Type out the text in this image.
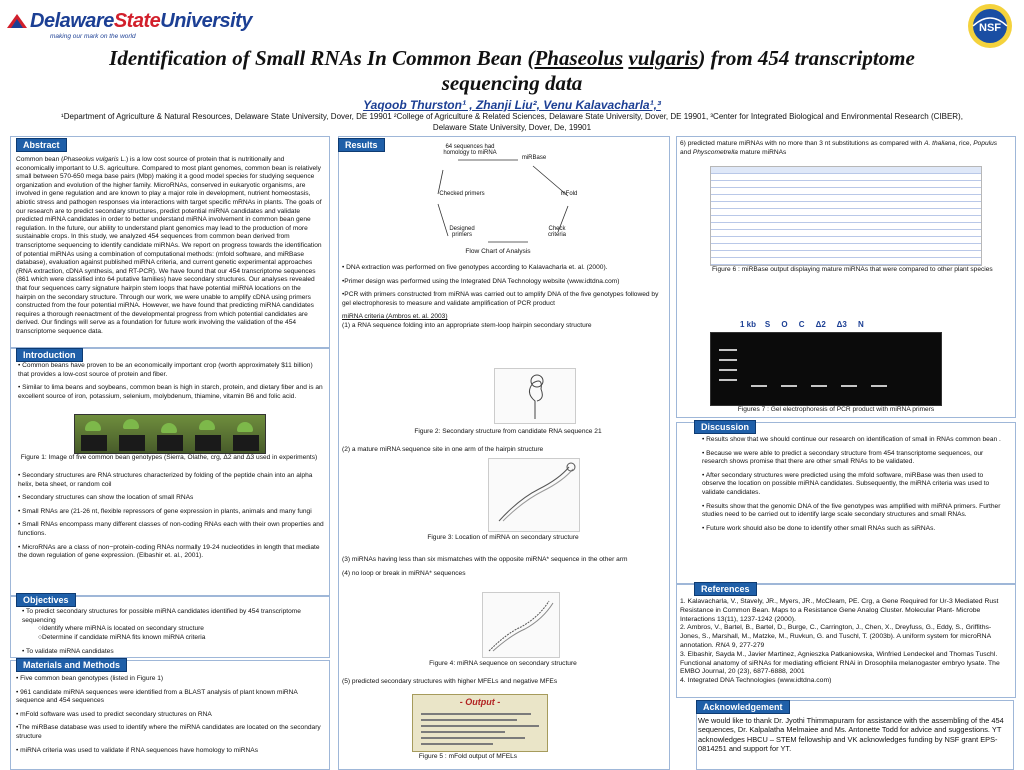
DelawareStateUniversity
making our mark on the world
NSF
Identification of Small RNAs In Common Bean (Phaseolus vulgaris) from 454 transcriptome sequencing data
Yaqoob Thurston¹ , Zhanji Liu², Venu Kalavacharla¹,³
¹Department of Agriculture & Natural Resources, Delaware State University, Dover, DE 19901 ²College of Agriculture & Related Sciences, Delaware State University, Dover, DE 19901, ³Center for Integrated Biological and Environmental Research (CIBER), Delaware State University, Dover, De, 19901
Abstract
Common bean (Phaseolus vulgaris L.) is a low cost source of protein that is nutritionally and economically important to U.S. agriculture. Compared to most plant genomes, common bean is relatively small between 570-650 mega base pairs (Mbp) making it a good model species for studying sequence organization and evolution of the higher family. MicroRNAs, conserved in eukaryotic organisms, are involved in gene regulation and are known to play a major role in development, nutrient homeostasis, abiotic stress and pathogen responses via interactions with target specific mRNAs in plants. The goals of our research are to predict secondary structures, predict potential miRNA candidates and validate predicted miRNA candidates in order to better understand miRNA involvement in common bean gene regulation. In the future, our ability to understand plant genomics may lead to the production of more sustainable crops. In this study, we analyzed 454 sequences from common bean derived from transcriptome sequencing to identify candidate miRNAs. We report on progress towards the identification of potential miRNAs using a combination of computational methods: (mfold software, and miRBase database), evaluation against published miRNA criteria, and current genetic experimental approaches (RNA extraction, cDNA synthesis, and RT-PCR). We have found that our 454 transcriptome sequences (861 which were classified into 64 putative families) have secondary structures. Our analyses revealed that four sequences carry signature hairpin stem loops that have potential miRNA locations on the hairpin on the secondary structure. Through our work, we were unable to amplify cDNA using primers constructed from the four potential miRNA. However, we have found that predicting miRNA candidates requires a thorough reenactment of the developmental progress from which potential candidates are derived. Our findings will serve as a foundation for future work involving the validation of the 454 transcriptome sequence data.
Introduction
• Common beans have proven to be an economically important crop (worth approximately $11 billion) that provides a low-cost source of protein and fiber.
• Similar to lima beans and soybeans, common bean is high in starch, protein, and dietary fiber and is an excellent source of iron, potassium, selenium, molybdenum, thiamine, vitamin B6 and folic acid.
Figure 1: Image of five common bean genotypes (Sierra, Olathe, crg, Δ2 and Δ3 used in experiments)
• Secondary structures are RNA structures characterized by folding of the peptide chain into an alpha helix, beta sheet, or random coil
• Secondary structures can show the location of small RNAs
• Small RNAs are (21-26 nt, flexible repressors of gene expression in plants, animals and many fungi
• Small RNAs encompass many different classes of non-coding RNAs each with their own properties and functions.
• MicroRNAs are a class of non−protein-coding RNAs normally 19-24 nucleotides in length that mediate the down regulation of gene expression. (Elbashir et. al., 2001).
Objectives
• To predict secondary structures for possible miRNA candidates identified by 454 transcriptome sequencing
○Identify where miRNA is located on secondary structure
○Determine if candidate miRNA fits known miRNA criteria
• To validate miRNA candidates
Materials and Methods
• Five common bean genotypes (listed in Figure 1)
• 961 candidate miRNA sequences were identified from a BLAST analysis of plant known miRNA sequence and 454 sequences
• mFold software was used to predict secondary structures on RNA
•The miRBase database was used to identify where the miRNA candidates are located on the secondary structure
• miRNA criteria was used to validate if RNA sequences have homology to miRNAs
Results	64 sequences had homology to miRNA
miRBase
Checked primers	mFold
Designed primers
Check criteria
Flow Chart of Analysis

• DNA extraction was performed on five genotypes according to Kalavacharla et. al. (2000).

•Primer design was performed using the Integrated DNA Technology website (www.idtdna.com)

•PCR with primers constructed from miRNA was carried out to amplify DNA of the five genotypes followed by gel electrophoresis to measure and validate amplification of PCR product

miRNA criteria (Ambros et. al. 2003)
(1) a RNA sequence folding into an appropriate stem-loop hairpin secondary structure
Figure 2: Secondary structure from candidate RNA sequence 21
(2) a mature miRNA sequence site in one arm of the hairpin structure
Figure 3: Location of miRNA on secondary structure

(3) miRNAs having less than six mismatches with the opposite miRNA* sequence in the other arm

(4) no loop or break in miRNA* sequences
Figure 4: miRNA sequence on secondary structure
(5) predicted secondary structures with higher MFELs and negative MFEs
- Output -
Figure 5 : mFold output of MFELs
6) predicted mature miRNAs with no more than 3 nt substitutions as compared with A. thaliana, rice, Populus and Physcometrella mature miRNAs
Figure 6 : miRBase output displaying mature miRNAs that were compared to other plant species
1 kb S O C Δ2 Δ3 N
Figures 7 : Gel electrophoresis of PCR product with miRNA primers
Discussion
• Results show that we should continue our research on identification of small in RNAs common bean .
• Because we were able to predict a secondary structure from 454 transcriptome sequences, our research shows promise that there are other small RNAs to be validated.
• After secondary structures were predicted using the mfold software, miRBase was then used to observe the location on possible miRNA candidates. Subsequently, the miRNA criteria was used to validate candidates.
• Results show that the genomic DNA of the five genotypes was amplified with miRNA primers. Further studies need to be carried out to identify large scale secondary structures and small RNAs.
• Future work should also be done to identify other small RNAs such as siRNAs.
References
1. Kalavacharla, V., Stavely, JR., Myers, JR., McCleam, PE. Crg, a Gene Required for Ur-3 Mediated Rust Resistance in Common Bean. Maps to a Resistance Gene Analog Cluster. Molecular Plant- Microbe Interactions 13(11), 1237-1242 (2000).
2. Ambros, V., Bartel, B., Bartel, D., Burge, C., Carrington, J., Chen, X., Dreyfuss, G., Eddy, S., Griffiths-Jones, S., Marshall, M., Matzke, M., Ruvkun, G. and Tuschl, T. (2003b). A uniform system for microRNA annotation. RNA 9, 277-279
3. Elbashir, Sayda M., Javier Martinez, Agnieszka Patkaniowska, Winfried Lendeckel and Thomas Tuschl. Functional anatomy of siRNAs for mediating efficient RNAi in Drosophila melanogaster embryo lysate. The EMBO Journal, 20 (23), 6877-6888, 2001
4. Integrated DNA Technologies (www.idtdna.com)
Acknowledgement
We would like to thank Dr. Jyothi Thimmapuram for assistance with the assembling of the 454 sequences, Dr. Kalpalatha Melmaiee and Ms. Antonette Todd for advice and suggestions. YT acknowledges HBCU – STEM fellowship and VK acknowledges funding by NSF grant EPS-0814251 and support for YT.
